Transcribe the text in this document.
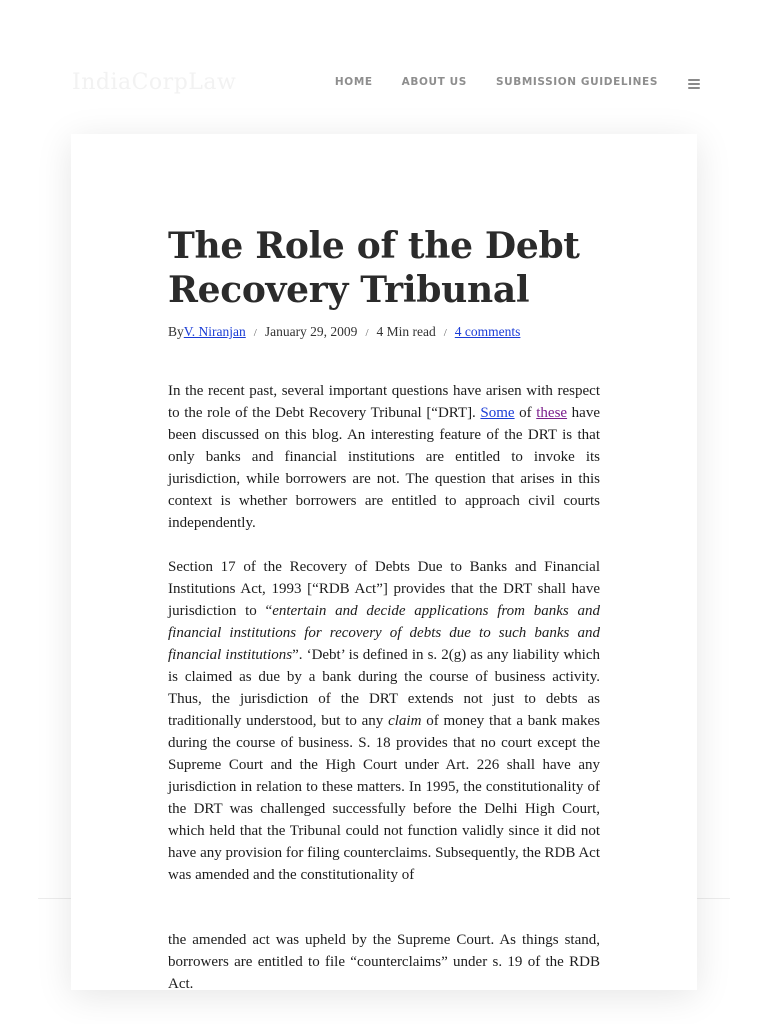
IndiaCorpLaw	HOME	ABOUT US	SUBMISSION GUIDELINES
The Role of the Debt Recovery Tribunal
By V. Niranjan / January 29, 2009 / 4 Min read / 4 comments

In the recent past, several important questions have arisen with respect to the role of the Debt Recovery Tribunal [“DRT]. Some of these have been discussed on this blog. An interesting feature of the DRT is that only banks and financial institutions are entitled to invoke its jurisdiction, while borrowers are not. The question that arises in this context is whether borrowers are entitled to approach civil courts independently.

Section 17 of the Recovery of Debts Due to Banks and Financial Institutions Act, 1993 [“RDB Act”] provides that the DRT shall have jurisdiction to “entertain and decide applications from banks and financial institutions for recovery of debts due to such banks and financial institutions”. ‘Debt’ is defined in s. 2(g) as any liability which is claimed as due by a bank during the course of business activity. Thus, the jurisdiction of the DRT extends not just to debts as traditionally understood, but to any claim of money that a bank makes during the course of business. S. 18 provides that no court except the Supreme Court and the High Court under Art. 226 shall have any jurisdiction in relation to these matters. In 1995, the constitutionality of the DRT was challenged successfully before the Delhi High Court, which held that the Tribunal could not function validly since it did not have any provision for filing counterclaims. Subsequently, the RDB Act was amended and the constitutionality of

the amended act was upheld by the Supreme Court. As things stand, borrowers are entitled to file “counterclaims” under s. 19 of the RDB Act.
